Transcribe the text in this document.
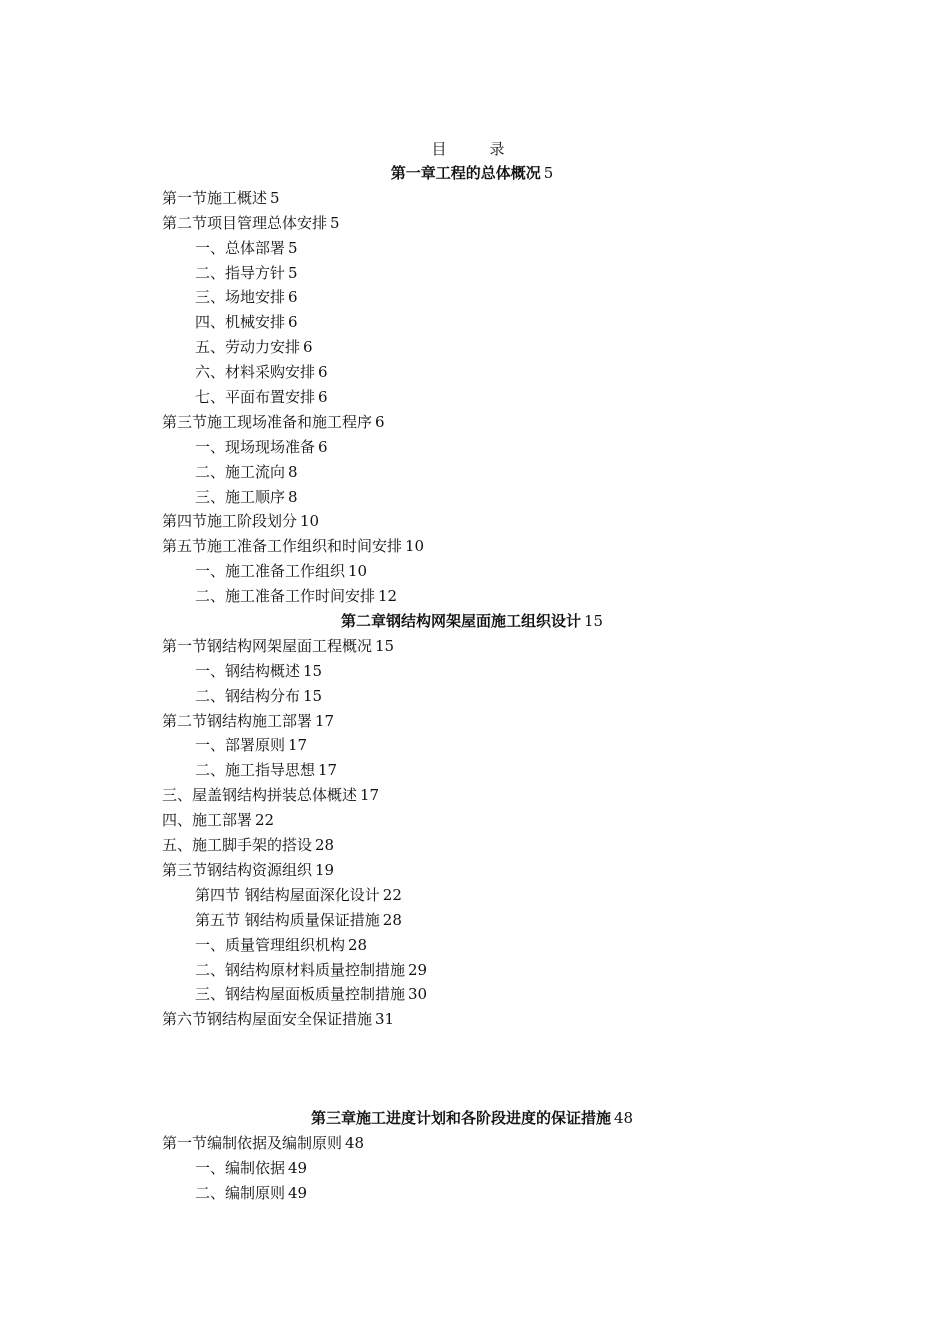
目　录
第一章工程的总体概况 5
第一节施工概述 5
第二节项目管理总体安排 5
一、总体部署 5
二、指导方针 5
三、场地安排 6
四、机械安排 6
五、劳动力安排 6
六、材料采购安排 6
七、平面布置安排 6
第三节施工现场准备和施工程序 6
一、现场现场准备 6
二、施工流向 8
三、施工顺序 8
第四节施工阶段划分 10
第五节施工准备工作组织和时间安排 10
一、施工准备工作组织 10
二、施工准备工作时间安排 12
第二章钢结构网架屋面施工组织设计 15
第一节钢结构网架屋面工程概况 15
一、钢结构概述 15
二、钢结构分布 15
第二节钢结构施工部署 17
一、部署原则 17
二、施工指导思想 17
三、屋盖钢结构拼装总体概述 17
四、施工部署 22
五、施工脚手架的搭设 28
第三节钢结构资源组织 19
第四节 钢结构屋面深化设计 22
第五节 钢结构质量保证措施 28
一、质量管理组织机构 28
二、钢结构原材料质量控制措施 29
三、钢结构屋面板质量控制措施 30
第六节钢结构屋面安全保证措施 31
第三章施工进度计划和各阶段进度的保证措施 48
第一节编制依据及编制原则 48
一、编制依据 49
二、编制原则 49
